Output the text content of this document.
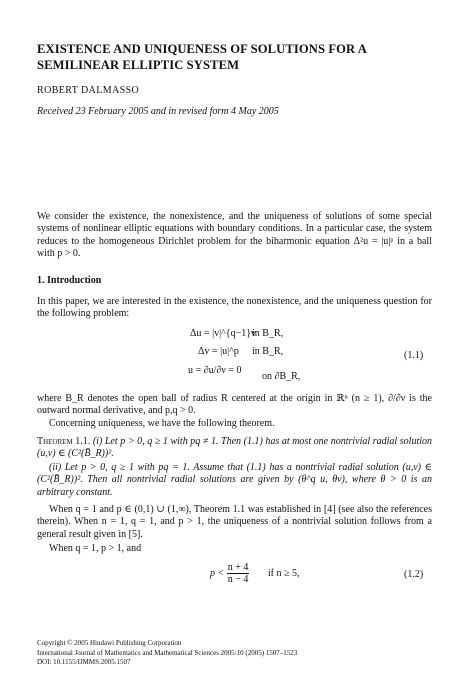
EXISTENCE AND UNIQUENESS OF SOLUTIONS FOR A SEMILINEAR ELLIPTIC SYSTEM

ROBERT DALMASSO

Received 23 February 2005 and in revised form 4 May 2005

We consider the existence, the nonexistence, and the uniqueness of solutions of some special systems of nonlinear elliptic equations with boundary conditions. In a particular case, the system reduces to the homogeneous Dirichlet problem for the biharmonic equation Δ²u = |u|ᵖ in a ball with p > 0.

1. Introduction

In this paper, we are interested in the existence, the nonexistence, and the uniqueness question for the following problem:

Δu = |v|^{q−1}v
in B_R,
Δv = |u|^p in B_R,
u = ∂u/∂ν = 0
on ∂B_R,
(1.1)

where B_R denotes the open ball of radius R centered at the origin in ℝⁿ (n ≥ 1), ∂/∂ν is the outward normal derivative, and p,q > 0.

Concerning uniqueness, we have the following theorem.

Theorem 1.1. (i) Let p > 0, q ≥ 1 with pq ≠ 1. Then (1.1) has at most one nontrivial radial solution (u,v) ∈ (C²(B̄_R))².

(ii) Let p > 0, q ≥ 1 with pq = 1. Assume that (1.1) has a nontrivial radial solution (u,v) ∈ (C²(B̄_R))². Then all nontrivial radial solutions are given by (θ^q u, θv), where θ > 0 is an arbitrary constant.

When q = 1 and p ∈ (0,1) ∪ (1,∞), Theorem 1.1 was established in [4] (see also the references therein). When n = 1, q = 1, and p > 1, the uniqueness of a nontrivial solution follows from a general result given in [5].

When q = 1, p > 1, and

$p < \frac{n + 4}{n - 4}$ if n ≥ 5,	(1.2)
Copyright © 2005 Hindawi Publishing Corporation
International Journal of Mathematics and Mathematical Sciences 2005:10 (2005) 1507–1523
DOI: 10.1155/IJMMS.2005.1507
